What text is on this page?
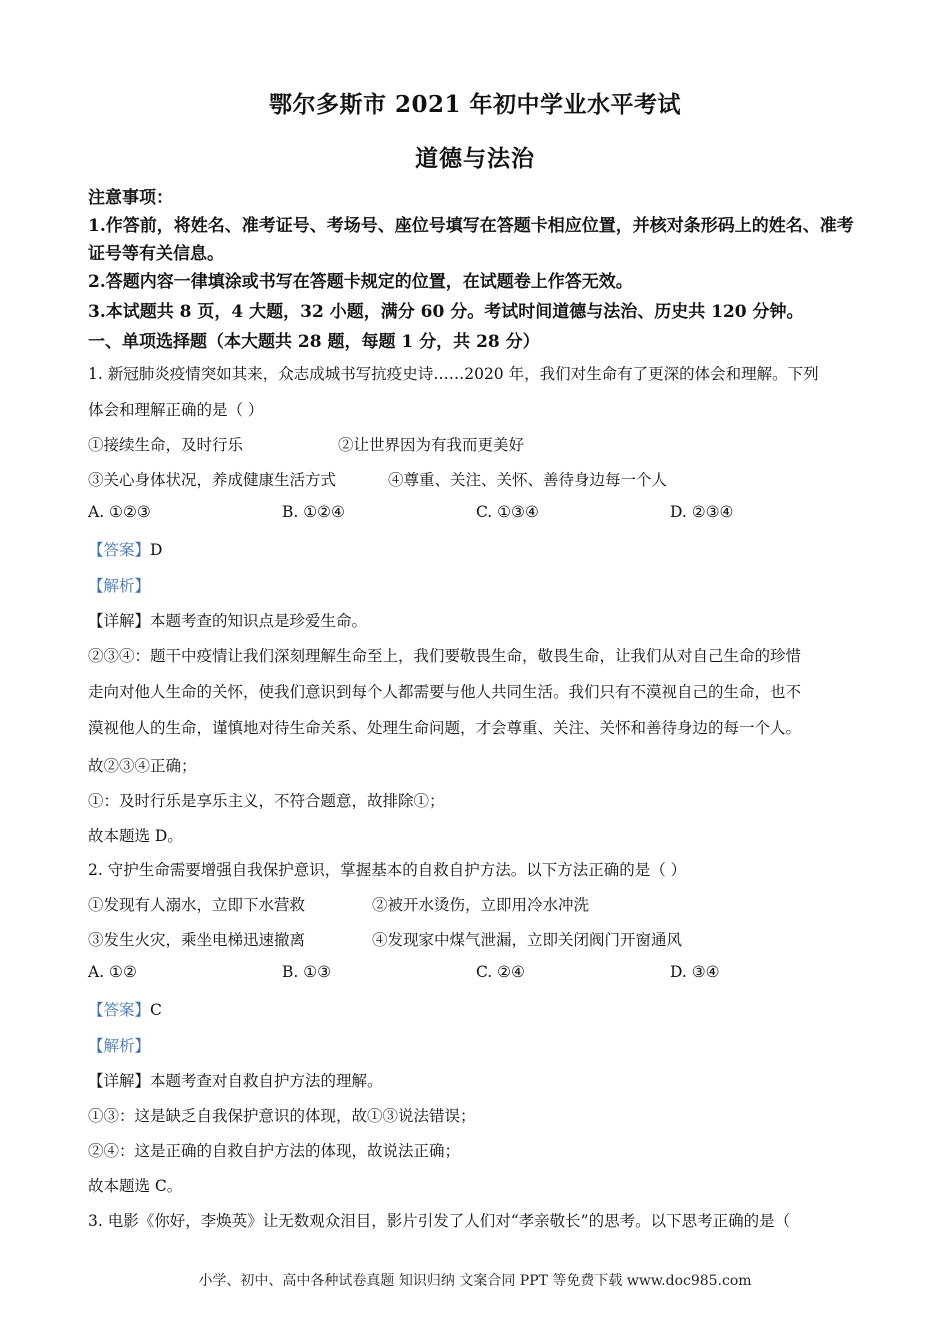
鄂尔多斯市 2021 年初中学业水平考试
道德与法治
注意事项：
1.作答前，将姓名、准考证号、考场号、座位号填写在答题卡相应位置，并核对条形码上的姓名、准考证号等有关信息。
2.答题内容一律填涂或书写在答题卡规定的位置，在试题卷上作答无效。
3.本试题共 8 页，4 大题，32 小题，满分 60 分。考试时间道德与法治、历史共 120 分钟。
一、单项选择题（本大题共 28 题，每题 1 分，共 28 分）
1. 新冠肺炎疫情突如其来，众志成城书写抗疫史诗……2020 年，我们对生命有了更深的体会和理解。下列
体会和理解正确的是（ ）
①接续生命，及时行乐	②让世界因为有我而更美好
③关心身体状况，养成健康生活方式	④尊重、关注、关怀、善待身边每一个人
A. ①②③	B. ①②④	C. ①③④	D. ②③④
【答案】D
【解析】
【详解】本题考查的知识点是珍爱生命。
②③④：题干中疫情让我们深刻理解生命至上，我们要敬畏生命，敬畏生命，让我们从对自己生命的珍惜
走向对他人生命的关怀，使我们意识到每个人都需要与他人共同生活。我们只有不漠视自己的生命，也不
漠视他人的生命，谨慎地对待生命关系、处理生命问题，才会尊重、关注、关怀和善待身边的每一个人。
故②③④正确；
①：及时行乐是享乐主义，不符合题意，故排除①；
故本题选 D。
2. 守护生命需要增强自我保护意识，掌握基本的自救自护方法。以下方法正确的是（ ）
①发现有人溺水，立即下水营救	②被开水烫伤，立即用冷水冲洗
③发生火灾，乘坐电梯迅速撤离	④发现家中煤气泄漏，立即关闭阀门开窗通风
A. ①②	B. ①③	C. ②④	D. ③④
【答案】C
【解析】
【详解】本题考查对自救自护方法的理解。
①③：这是缺乏自我保护意识的体现，故①③说法错误；
②④：这是正确的自救自护方法的体现，故说法正确；
故本题选 C。
3. 电影《你好，李焕英》让无数观众泪目，影片引发了人们对“孝亲敬长”的思考。以下思考正确的是（
小学、初中、高中各种试卷真题 知识归纳 文案合同 PPT 等免费下载 www.doc985.com
